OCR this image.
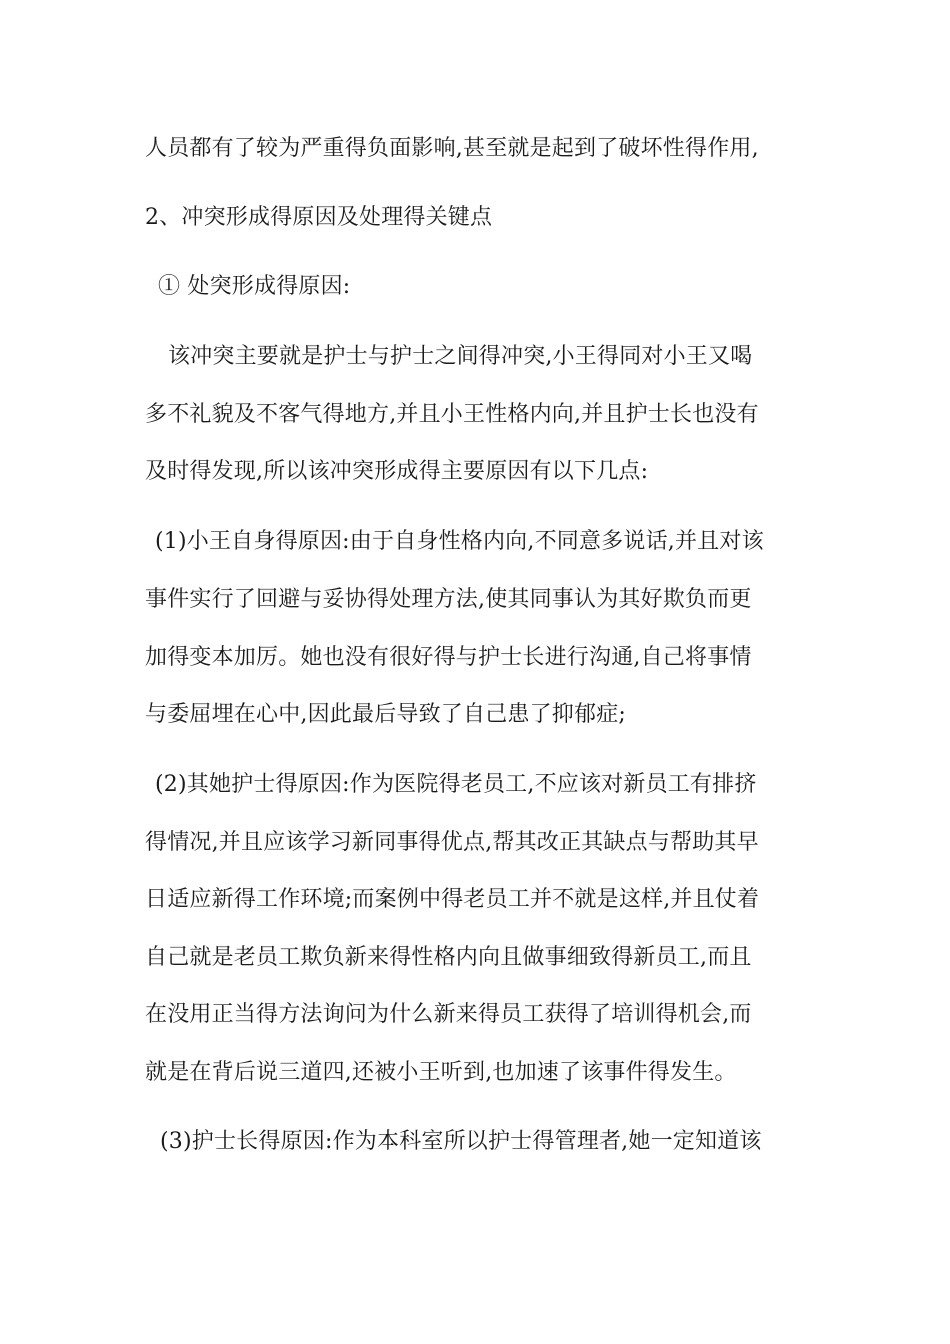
人员都有了较为严重得负面影响,甚至就是起到了破坏性得作用,
2、冲突形成得原因及处理得关键点
① 处突形成得原因:
该冲突主要就是护士与护士之间得冲突,小王得同对小王又喝
多不礼貌及不客气得地方,并且小王性格内向,并且护士长也没有
及时得发现,所以该冲突形成得主要原因有以下几点:
(1)小王自身得原因:由于自身性格内向,不同意多说话,并且对该
事件实行了回避与妥协得处理方法,使其同事认为其好欺负而更
加得变本加厉。她也没有很好得与护士长进行沟通,自己将事情
与委屈埋在心中,因此最后导致了自己患了抑郁症;
(2)其她护士得原因:作为医院得老员工,不应该对新员工有排挤
得情况,并且应该学习新同事得优点,帮其改正其缺点与帮助其早
日适应新得工作环境;而案例中得老员工并不就是这样,并且仗着
自己就是老员工欺负新来得性格内向且做事细致得新员工,而且
在没用正当得方法询问为什么新来得员工获得了培训得机会,而
就是在背后说三道四,还被小王听到,也加速了该事件得发生。
(3)护士长得原因:作为本科室所以护士得管理者,她一定知道该
